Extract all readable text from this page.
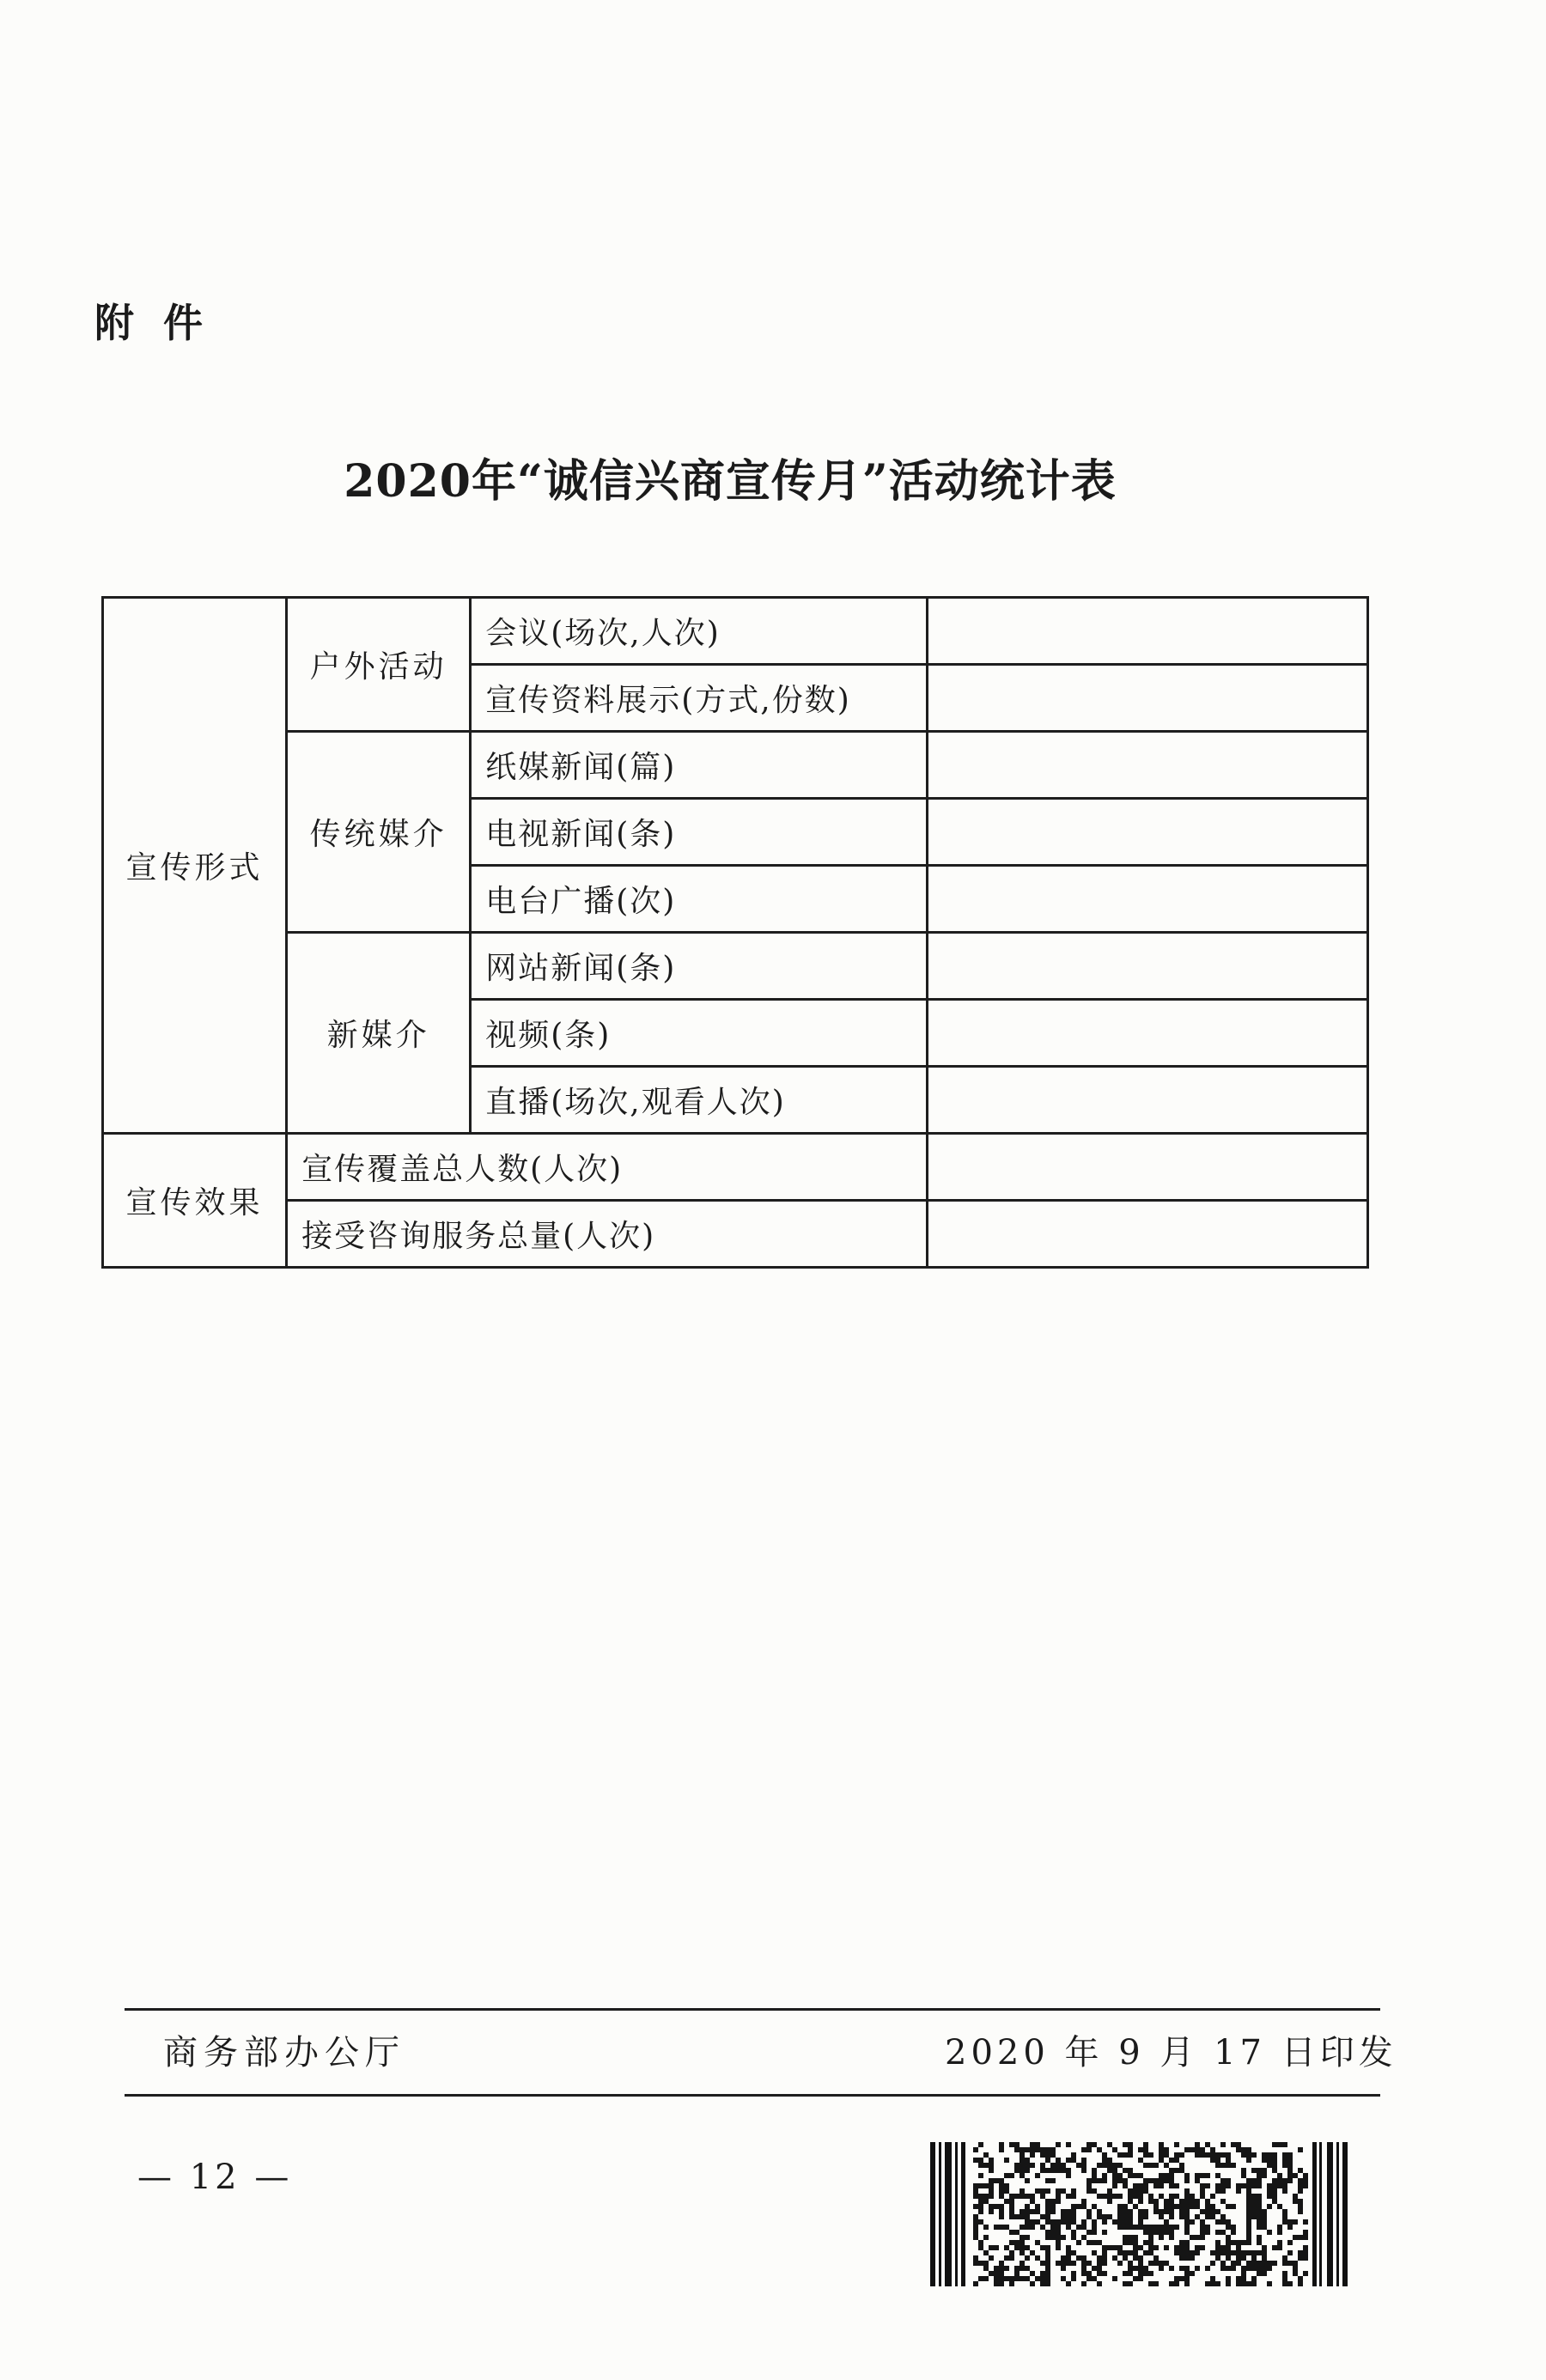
附件
2020年“诚信兴商宣传月”活动统计表
宣传形式	户外活动	会议(场次,人次)	
		宣传资料展示(方式,份数)	
	传统媒介	纸媒新闻(篇)	
		电视新闻(条)	
		电台广播(次)	
	新媒介	网站新闻(条)	
		视频(条)	
		直播(场次,观看人次)	
宣传效果	宣传覆盖总人数(人次)		
	接受咨询服务总量(人次)		
商务部办公厅	2020 年 9 月 17 日印发
— 12 —
